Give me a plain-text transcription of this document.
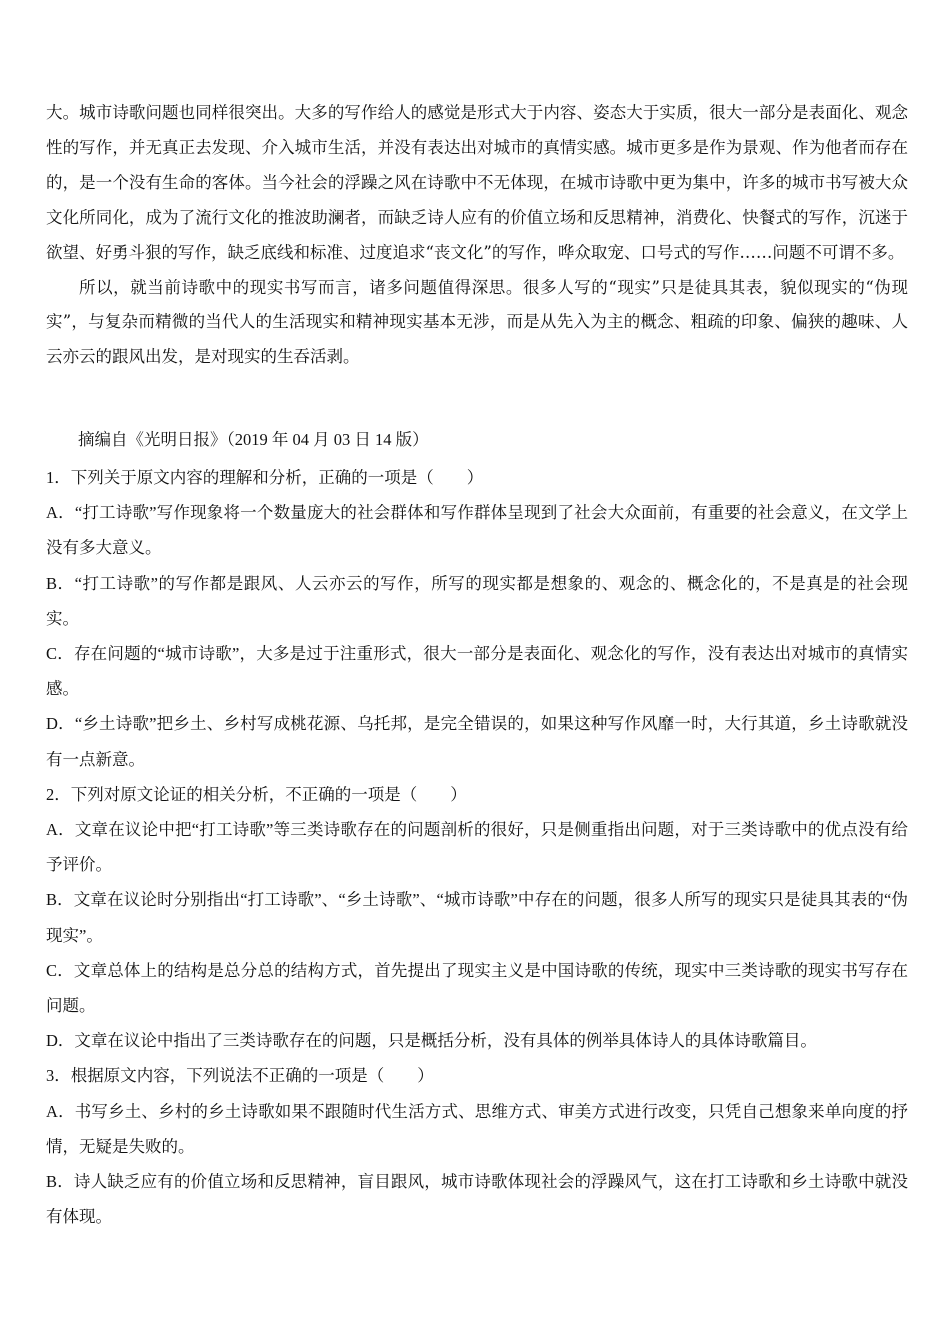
大。城市诗歌问题也同样很突出。大多的写作给人的感觉是形式大于内容、姿态大于实质，很大一部分是表面化、观念性的写作，并无真正去发现、介入城市生活，并没有表达出对城市的真情实感。城市更多是作为景观、作为他者而存在的，是一个没有生命的客体。当今社会的浮躁之风在诗歌中不无体现，在城市诗歌中更为集中，许多的城市书写被大众文化所同化，成为了流行文化的推波助澜者，而缺乏诗人应有的价值立场和反思精神，消费化、快餐式的写作，沉迷于欲望、好勇斗狠的写作，缺乏底线和标准、过度追求“丧文化”的写作，哗众取宠、口号式的写作……问题不可谓不多。

所以，就当前诗歌中的现实书写而言，诸多问题值得深思。很多人写的“现实”只是徒具其表，貌似现实的“伪现实”，与复杂而精微的当代人的生活现实和精神现实基本无涉，而是从先入为主的概念、粗疏的印象、偏狭的趣味、人云亦云的跟风出发，是对现实的生吞活剥。

摘编自《光明日报》（2019 年 04 月 03 日 14 版）

1．下列关于原文内容的理解和分析，正确的一项是（　　）

A．“打工诗歌”写作现象将一个数量庞大的社会群体和写作群体呈现到了社会大众面前，有重要的社会意义，在文学上没有多大意义。

B．“打工诗歌”的写作都是跟风、人云亦云的写作，所写的现实都是想象的、观念的、概念化的，不是真是的社会现实。

C．存在问题的“城市诗歌”，大多是过于注重形式，很大一部分是表面化、观念化的写作，没有表达出对城市的真情实感。

D．“乡土诗歌”把乡土、乡村写成桃花源、乌托邦，是完全错误的，如果这种写作风靡一时，大行其道，乡土诗歌就没有一点新意。

2．下列对原文论证的相关分析，不正确的一项是（　　）

A．文章在议论中把“打工诗歌”等三类诗歌存在的问题剖析的很好，只是侧重指出问题，对于三类诗歌中的优点没有给予评价。

B．文章在议论时分别指出“打工诗歌”、“乡土诗歌”、“城市诗歌”中存在的问题，很多人所写的现实只是徒具其表的“伪现实”。

C．文章总体上的结构是总分总的结构方式，首先提出了现实主义是中国诗歌的传统，现实中三类诗歌的现实书写存在问题。

D．文章在议论中指出了三类诗歌存在的问题，只是概括分析，没有具体的例举具体诗人的具体诗歌篇目。

3．根据原文内容，下列说法不正确的一项是（　　）

A．书写乡土、乡村的乡土诗歌如果不跟随时代生活方式、思维方式、审美方式进行改变，只凭自己想象来单向度的抒情，无疑是失败的。

B．诗人缺乏应有的价值立场和反思精神，盲目跟风，城市诗歌体现社会的浮躁风气，这在打工诗歌和乡土诗歌中就没有体现。
